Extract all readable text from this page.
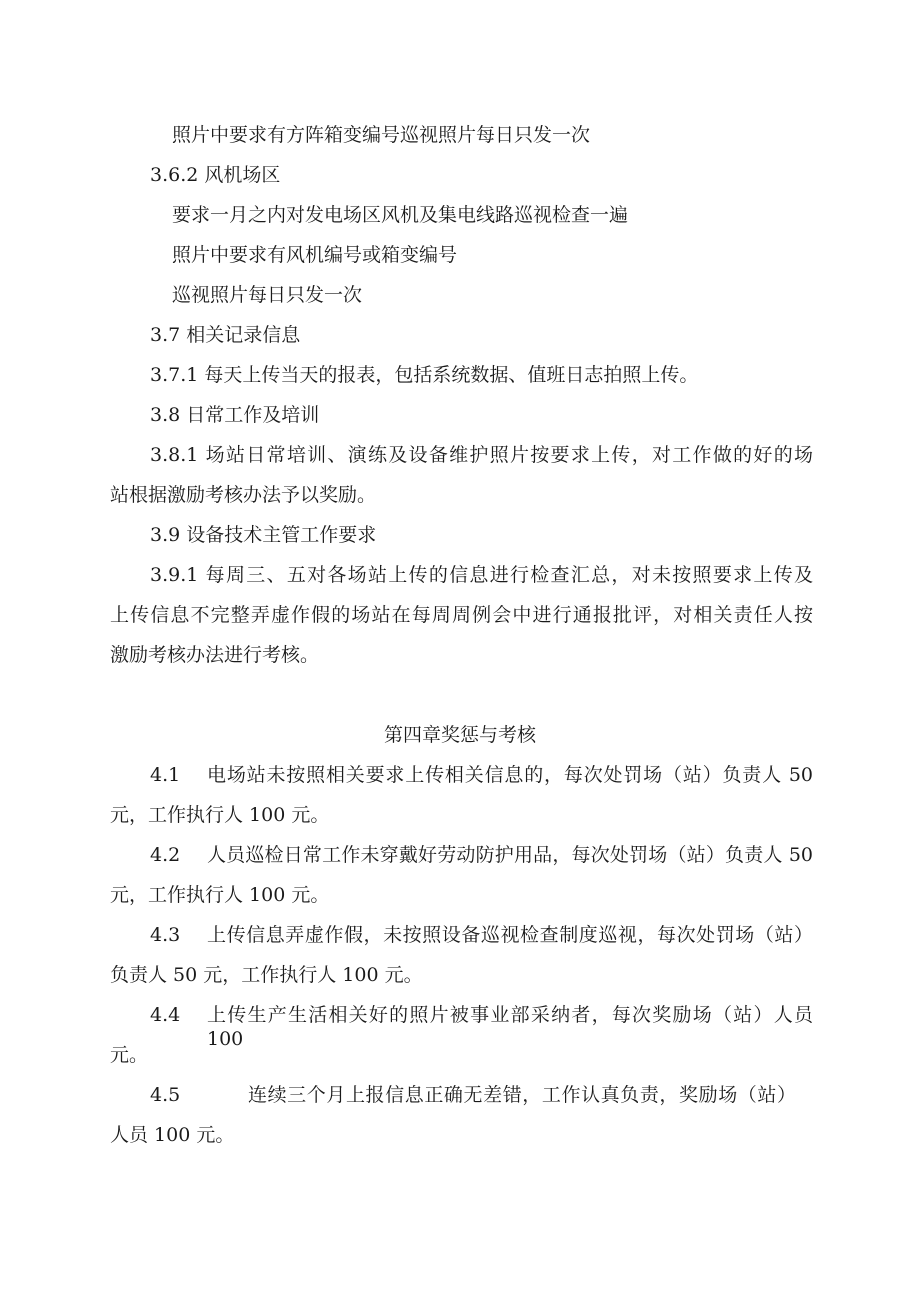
照片中要求有方阵箱变编号巡视照片每日只发一次
3.6.2 风机场区
要求一月之内对发电场区风机及集电线路巡视检查一遍
照片中要求有风机编号或箱变编号
巡视照片每日只发一次
3.7 相关记录信息
3.7.1 每天上传当天的报表，包括系统数据、值班日志拍照上传。
3.8 日常工作及培训
3.8.1 场站日常培训、演练及设备维护照片按要求上传，对工作做的好的场
站根据激励考核办法予以奖励。
3.9 设备技术主管工作要求
3.9.1 每周三、五对各场站上传的信息进行检查汇总，对未按照要求上传及
上传信息不完整弄虚作假的场站在每周周例会中进行通报批评，对相关责任人按
激励考核办法进行考核。
第四章奖惩与考核
4.1 电场站未按照相关要求上传相关信息的，每次处罚场（站）负责人 50
元，工作执行人 100 元。
4.2 人员巡检日常工作未穿戴好劳动防护用品，每次处罚场（站）负责人 50
元，工作执行人 100 元。
4.3 上传信息弄虚作假，未按照设备巡视检查制度巡视，每次处罚场（站）
负责人 50 元，工作执行人 100 元。
4.4 上传生产生活相关好的照片被事业部采纳者，每次奖励场（站）人员 100
元。
4.5	连续三个月上报信息正确无差错，工作认真负责，奖励场（站）
人员 100 元。
